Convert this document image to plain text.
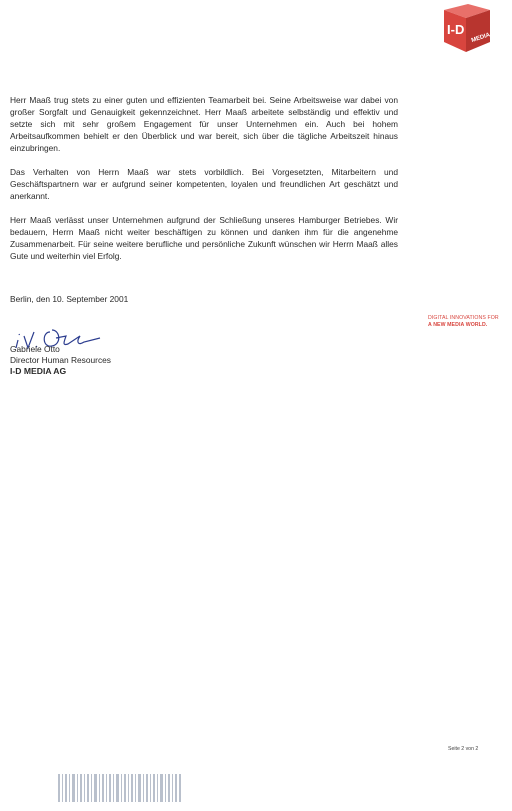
I-D
MEDIA

Herr Maaß trug stets zu einer guten und effizienten Teamarbeit bei. Seine Arbeitsweise war dabei von großer Sorgfalt und Genauigkeit gekennzeichnet. Herr Maaß arbeitete selbständig und effektiv und setzte sich mit sehr großem Engagement für unser Unternehmen ein. Auch bei hohem Arbeitsaufkommen behielt er den Überblick und war bereit, sich über die tägliche Arbeitszeit hinaus einzubringen.

Das Verhalten von Herrn Maaß war stets vorbildlich. Bei Vorgesetzten, Mitarbeitern und Geschäftspartnern war er aufgrund seiner kompetenten, loyalen und freundlichen Art geschätzt und anerkannt.

Herr Maaß verlässt unser Unternehmen aufgrund der Schließung unseres Hamburger Betriebes. Wir bedauern, Herrn Maaß nicht weiter beschäftigen zu können und danken ihm für die angenehme Zusammenarbeit. Für seine weitere berufliche und persönliche Zukunft wünschen wir Herrn Maaß alles Gute und weiterhin viel Erfolg.

Berlin, den 10. September 2001
Gabriele Otto
Director Human Resources
I-D MEDIA AG
DIGITAL INNOVATIONS FOR
A NEW MEDIA WORLD.
Seite 2 von 2
